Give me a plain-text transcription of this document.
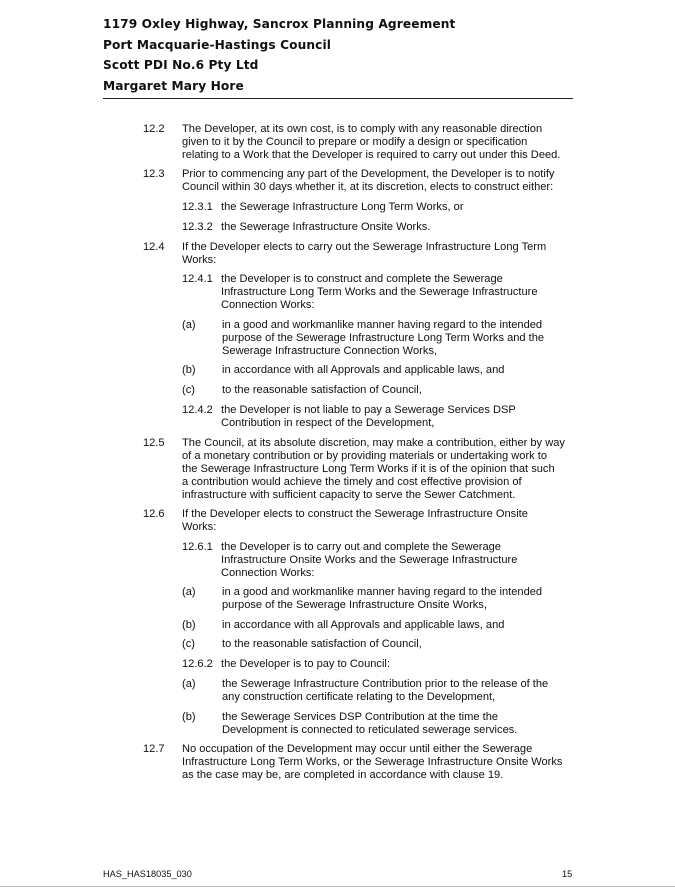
1179 Oxley Highway, Sancrox Planning Agreement
Port Macquarie-Hastings Council
Scott PDI No.6 Pty Ltd
Margaret Mary Hore
12.2 The Developer, at its own cost, is to comply with any reasonable direction
given to it by the Council to prepare or modify a design or specification
relating to a Work that the Developer is required to carry out under this Deed.
12.3 Prior to commencing any part of the Development, the Developer is to notify
Council within 30 days whether it, at its discretion, elects to construct either:
12.3.1 the Sewerage Infrastructure Long Term Works, or
12.3.2 the Sewerage Infrastructure Onsite Works.
12.4 If the Developer elects to carry out the Sewerage Infrastructure Long Term
Works:
12.4.1 the Developer is to construct and complete the Sewerage
Infrastructure Long Term Works and the Sewerage Infrastructure
Connection Works:
(a) in a good and workmanlike manner having regard to the intended
purpose of the Sewerage Infrastructure Long Term Works and the
Sewerage Infrastructure Connection Works,
(b) in accordance with all Approvals and applicable laws, and
(c) to the reasonable satisfaction of Council,
12.4.2 the Developer is not liable to pay a Sewerage Services DSP
Contribution in respect of the Development,
12.5 The Council, at its absolute discretion, may make a contribution, either by way
of a monetary contribution or by providing materials or undertaking work to
the Sewerage Infrastructure Long Term Works if it is of the opinion that such
a contribution would achieve the timely and cost effective provision of
infrastructure with sufficient capacity to serve the Sewer Catchment.
12.6 If the Developer elects to construct the Sewerage Infrastructure Onsite
Works:
12.6.1 the Developer is to carry out and complete the Sewerage
Infrastructure Onsite Works and the Sewerage Infrastructure
Connection Works:
(a) in a good and workmanlike manner having regard to the intended
purpose of the Sewerage Infrastructure Onsite Works,
(b) in accordance with all Approvals and applicable laws, and
(c) to the reasonable satisfaction of Council,
12.6.2 the Developer is to pay to Council:
(a) the Sewerage Infrastructure Contribution prior to the release of the
any construction certificate relating to the Development,
(b) the Sewerage Services DSP Contribution at the time the
Development is connected to reticulated sewerage services.
12.7 No occupation of the Development may occur until either the Sewerage
Infrastructure Long Term Works, or the Sewerage Infrastructure Onsite Works
as the case may be, are completed in accordance with clause 19.
HAS_HAS18035_030	15
